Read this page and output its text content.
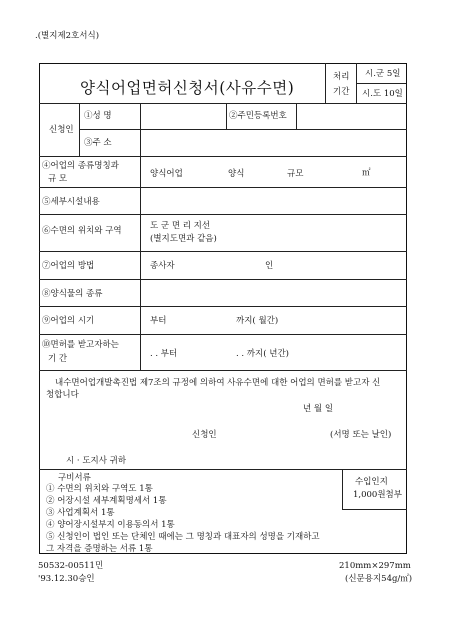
.(별지제2호서식)
양식어업면허신청서(사유수면)
처리
기간
시.군 5일
시.도 10일
신청인
①성 명	②주민등록번호
③주 소
④어업의 종류명칭과
규 모	양식어업	양식	규모	㎡
⑤세부시설내용
⑥수면의 위치와 구역	도 군 면 리 지선
(별지도면과 같음)
⑦어업의 방법	종사자	인
⑧양식물의 종류
⑨어업의 시기	부터	까지( 월간)
⑩면허를 받고자하는
기 간	. . 부터	. . 까지( 년간)
내수면어업개발촉진법 제7조의 규정에 의하여 사유수면에 대한 어업의 면허를 받고자 신
청합니다
년 월 일
신청인	(서명 또는 날인)
시 · 도지사 귀하
구비서류
① 수면의 위치와 구역도 1통
② 어장시설 세부계획명세서 1통
③ 사업계획서 1통
④ 양어장시설부지 이용동의서 1통
⑤ 신청인이 법인 또는 단체인 때에는 그 명칭과 대표자의 성명을 기재하고
그 자격을 증명하는 서류 1통
수입인지
1,000원첨부
50532-00511민
'93.12.30승인
210mm×297mm
(신문용지54g/㎡)
